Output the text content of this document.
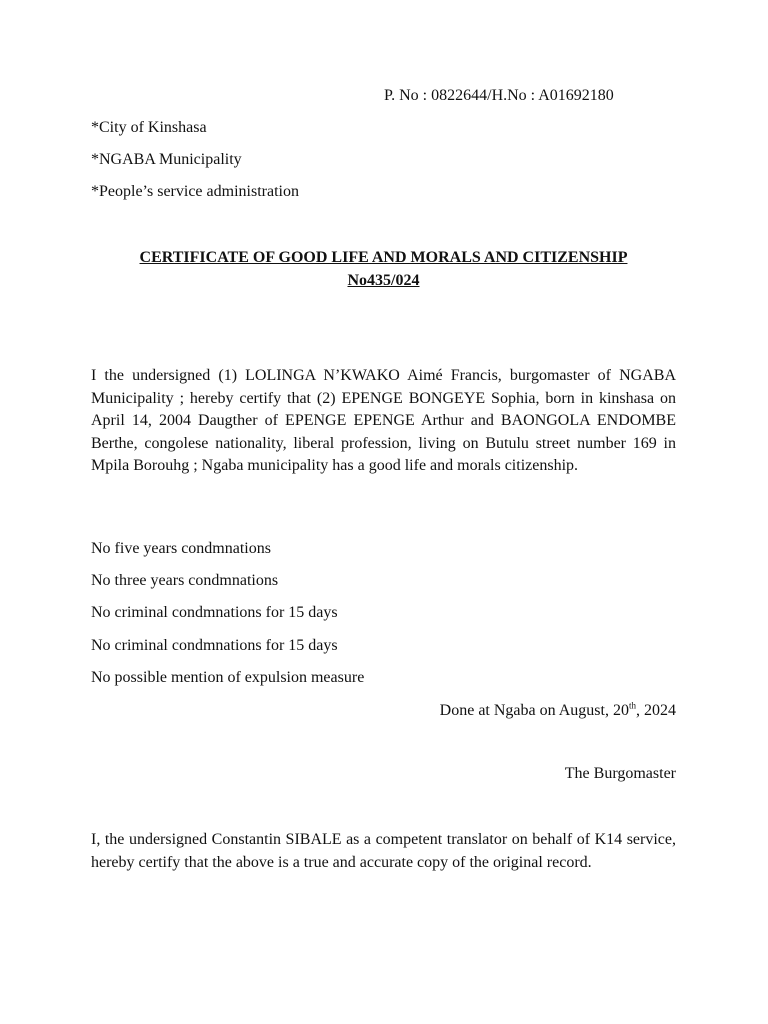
P. No : 0822644/H.No : A01692180
*City of Kinshasa
*NGABA Municipality
*People’s service administration
CERTIFICATE OF GOOD LIFE AND MORALS AND CITIZENSHIP
No435/024

I the undersigned (1) LOLINGA N’KWAKO Aimé Francis, burgomaster of NGABA Municipality ; hereby certify that (2) EPENGE BONGEYE Sophia, born in kinshasa on April 14, 2004 Daugther of EPENGE EPENGE Arthur and BAONGOLA ENDOMBE Berthe, congolese nationality, liberal profession, living on Butulu street number 169 in Mpila Borouhg ; Ngaba municipality has a good life and morals citizenship.

No five years condmnations
No three years condmnations
No criminal condmnations for 15 days
No criminal condmnations for 15 days
No possible mention of expulsion measure
Done at Ngaba on August, 20th, 2024
The Burgomaster

I, the undersigned Constantin SIBALE as a competent translator on behalf of K14 service, hereby certify that the above is a true and accurate copy of the original record.
